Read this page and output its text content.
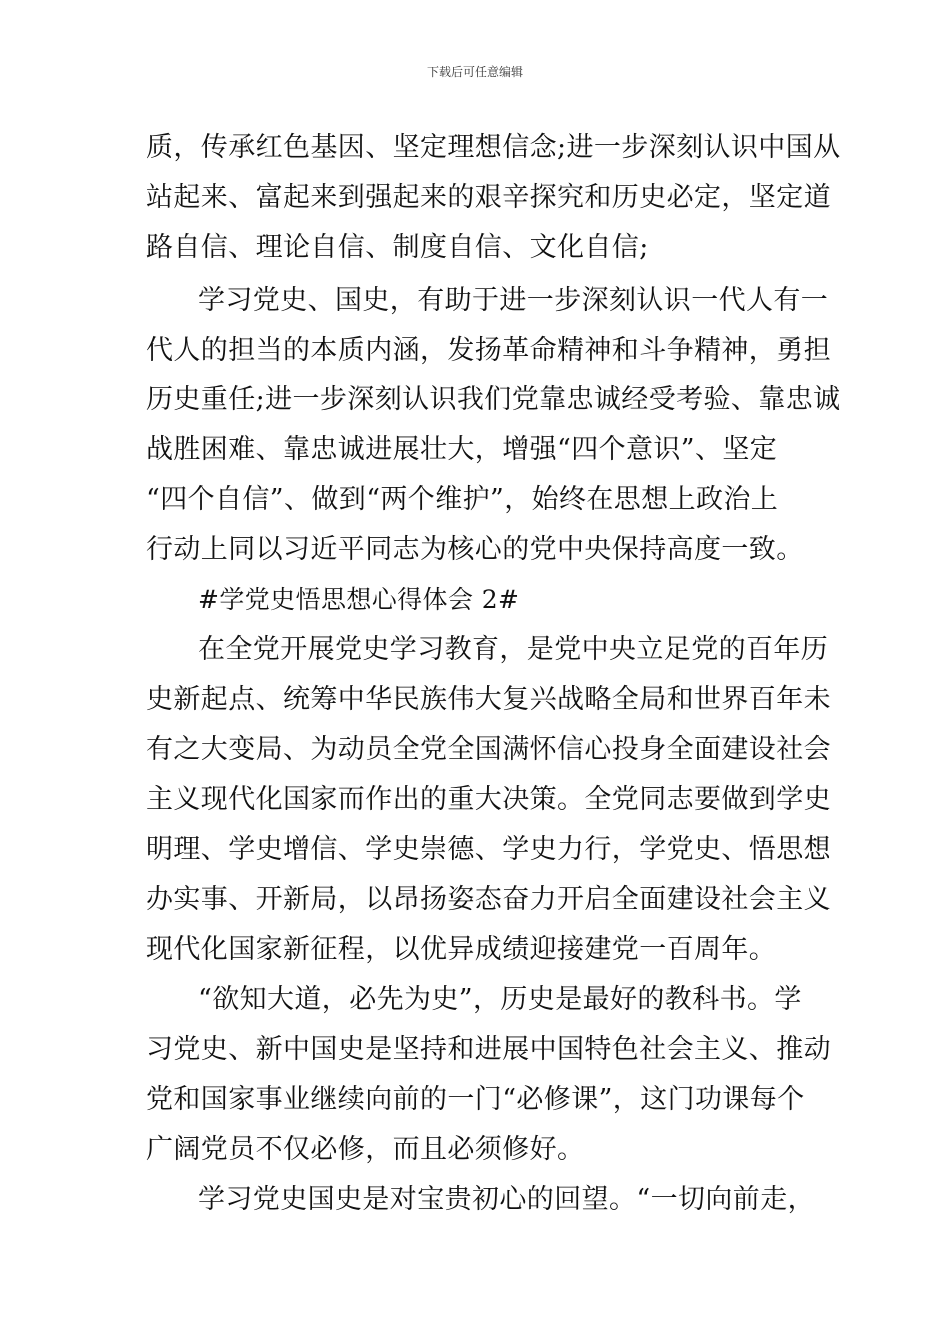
下载后可任意编辑
质，传承红色基因、坚定理想信念;进一步深刻认识中国从
站起来、富起来到强起来的艰辛探究和历史必定，坚定道
路自信、理论自信、制度自信、文化自信;
学习党史、国史，有助于进一步深刻认识一代人有一
代人的担当的本质内涵，发扬革命精神和斗争精神，勇担
历史重任;进一步深刻认识我们党靠忠诚经受考验、靠忠诚
战胜困难、靠忠诚进展壮大，增强“四个意识”、坚定
“四个自信”、做到“两个维护”，始终在思想上政治上
行动上同以习近平同志为核心的党中央保持高度一致。
#学党史悟思想心得体会 2#
在全党开展党史学习教育，是党中央立足党的百年历
史新起点、统筹中华民族伟大复兴战略全局和世界百年未
有之大变局、为动员全党全国满怀信心投身全面建设社会
主义现代化国家而作出的重大决策。全党同志要做到学史
明理、学史增信、学史崇德、学史力行，学党史、悟思想
办实事、开新局，以昂扬姿态奋力开启全面建设社会主义
现代化国家新征程，以优异成绩迎接建党一百周年。
“欲知大道，必先为史”，历史是最好的教科书。学
习党史、新中国史是坚持和进展中国特色社会主义、推动
党和国家事业继续向前的一门“必修课”，这门功课每个
广阔党员不仅必修，而且必须修好。
学习党史国史是对宝贵初心的回望。“一切向前走，
